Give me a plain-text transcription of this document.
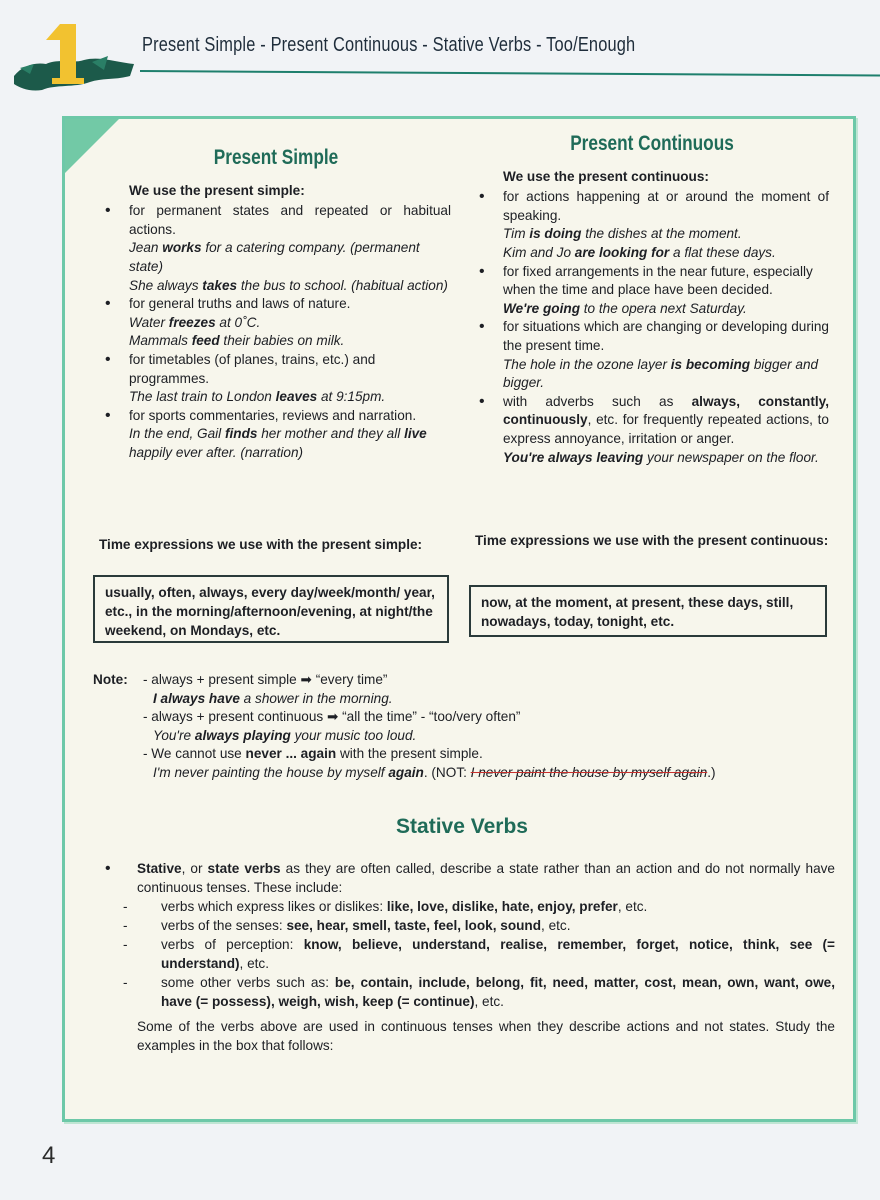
Present Simple - Present Continuous - Stative Verbs - Too/Enough
Present Simple
We use the present simple:
• for permanent states and repeated or habitual actions.
Jean works for a catering company. (permanent state)
She always takes the bus to school. (habitual action)
• for general truths and laws of nature.
Water freezes at 0˚C.
Mammals feed their babies on milk.
• for timetables (of planes, trains, etc.) and programmes.
The last train to London leaves at 9:15pm.
• for sports commentaries, reviews and narration.
In the end, Gail finds her mother and they all live happily ever after. (narration)
Present Continuous
We use the present continuous:
• for actions happening at or around the moment of speaking.
Tim is doing the dishes at the moment.
Kim and Jo are looking for a flat these days.
• for fixed arrangements in the near future, especially when the time and place have been decided.
We're going to the opera next Saturday.
• for situations which are changing or developing during the present time.
The hole in the ozone layer is becoming bigger and bigger.
• with adverbs such as always, constantly, continuously, etc. for frequently repeated actions, to express annoyance, irritation or anger.
You're always leaving your newspaper on the floor.
Time expressions we use with the present simple:
usually, often, always, every day/week/month/ year, etc., in the morning/afternoon/evening, at night/the weekend, on Mondays, etc.
Time expressions we use with the present continuous:
now, at the moment, at present, these days, still, nowadays, today, tonight, etc.
Note: - always + present simple ➡ “every time”
I always have a shower in the morning.
- always + present continuous ➡ “all the time” - “too/very often”
You're always playing your music too loud.
- We cannot use never ... again with the present simple.
I'm never painting the house by myself again. (NOT: I never paint the house by myself again.)
Stative Verbs
• Stative, or state verbs as they are often called, describe a state rather than an action and do not normally have continuous tenses. These include:
- verbs which express likes or dislikes: like, love, dislike, hate, enjoy, prefer, etc.
- verbs of the senses: see, hear, smell, taste, feel, look, sound, etc.
- verbs of perception: know, believe, understand, realise, remember, forget, notice, think, see (= understand), etc.
- some other verbs such as: be, contain, include, belong, fit, need, matter, cost, mean, own, want, owe, have (= possess), weigh, wish, keep (= continue), etc.
Some of the verbs above are used in continuous tenses when they describe actions and not states. Study the examples in the box that follows:
4
